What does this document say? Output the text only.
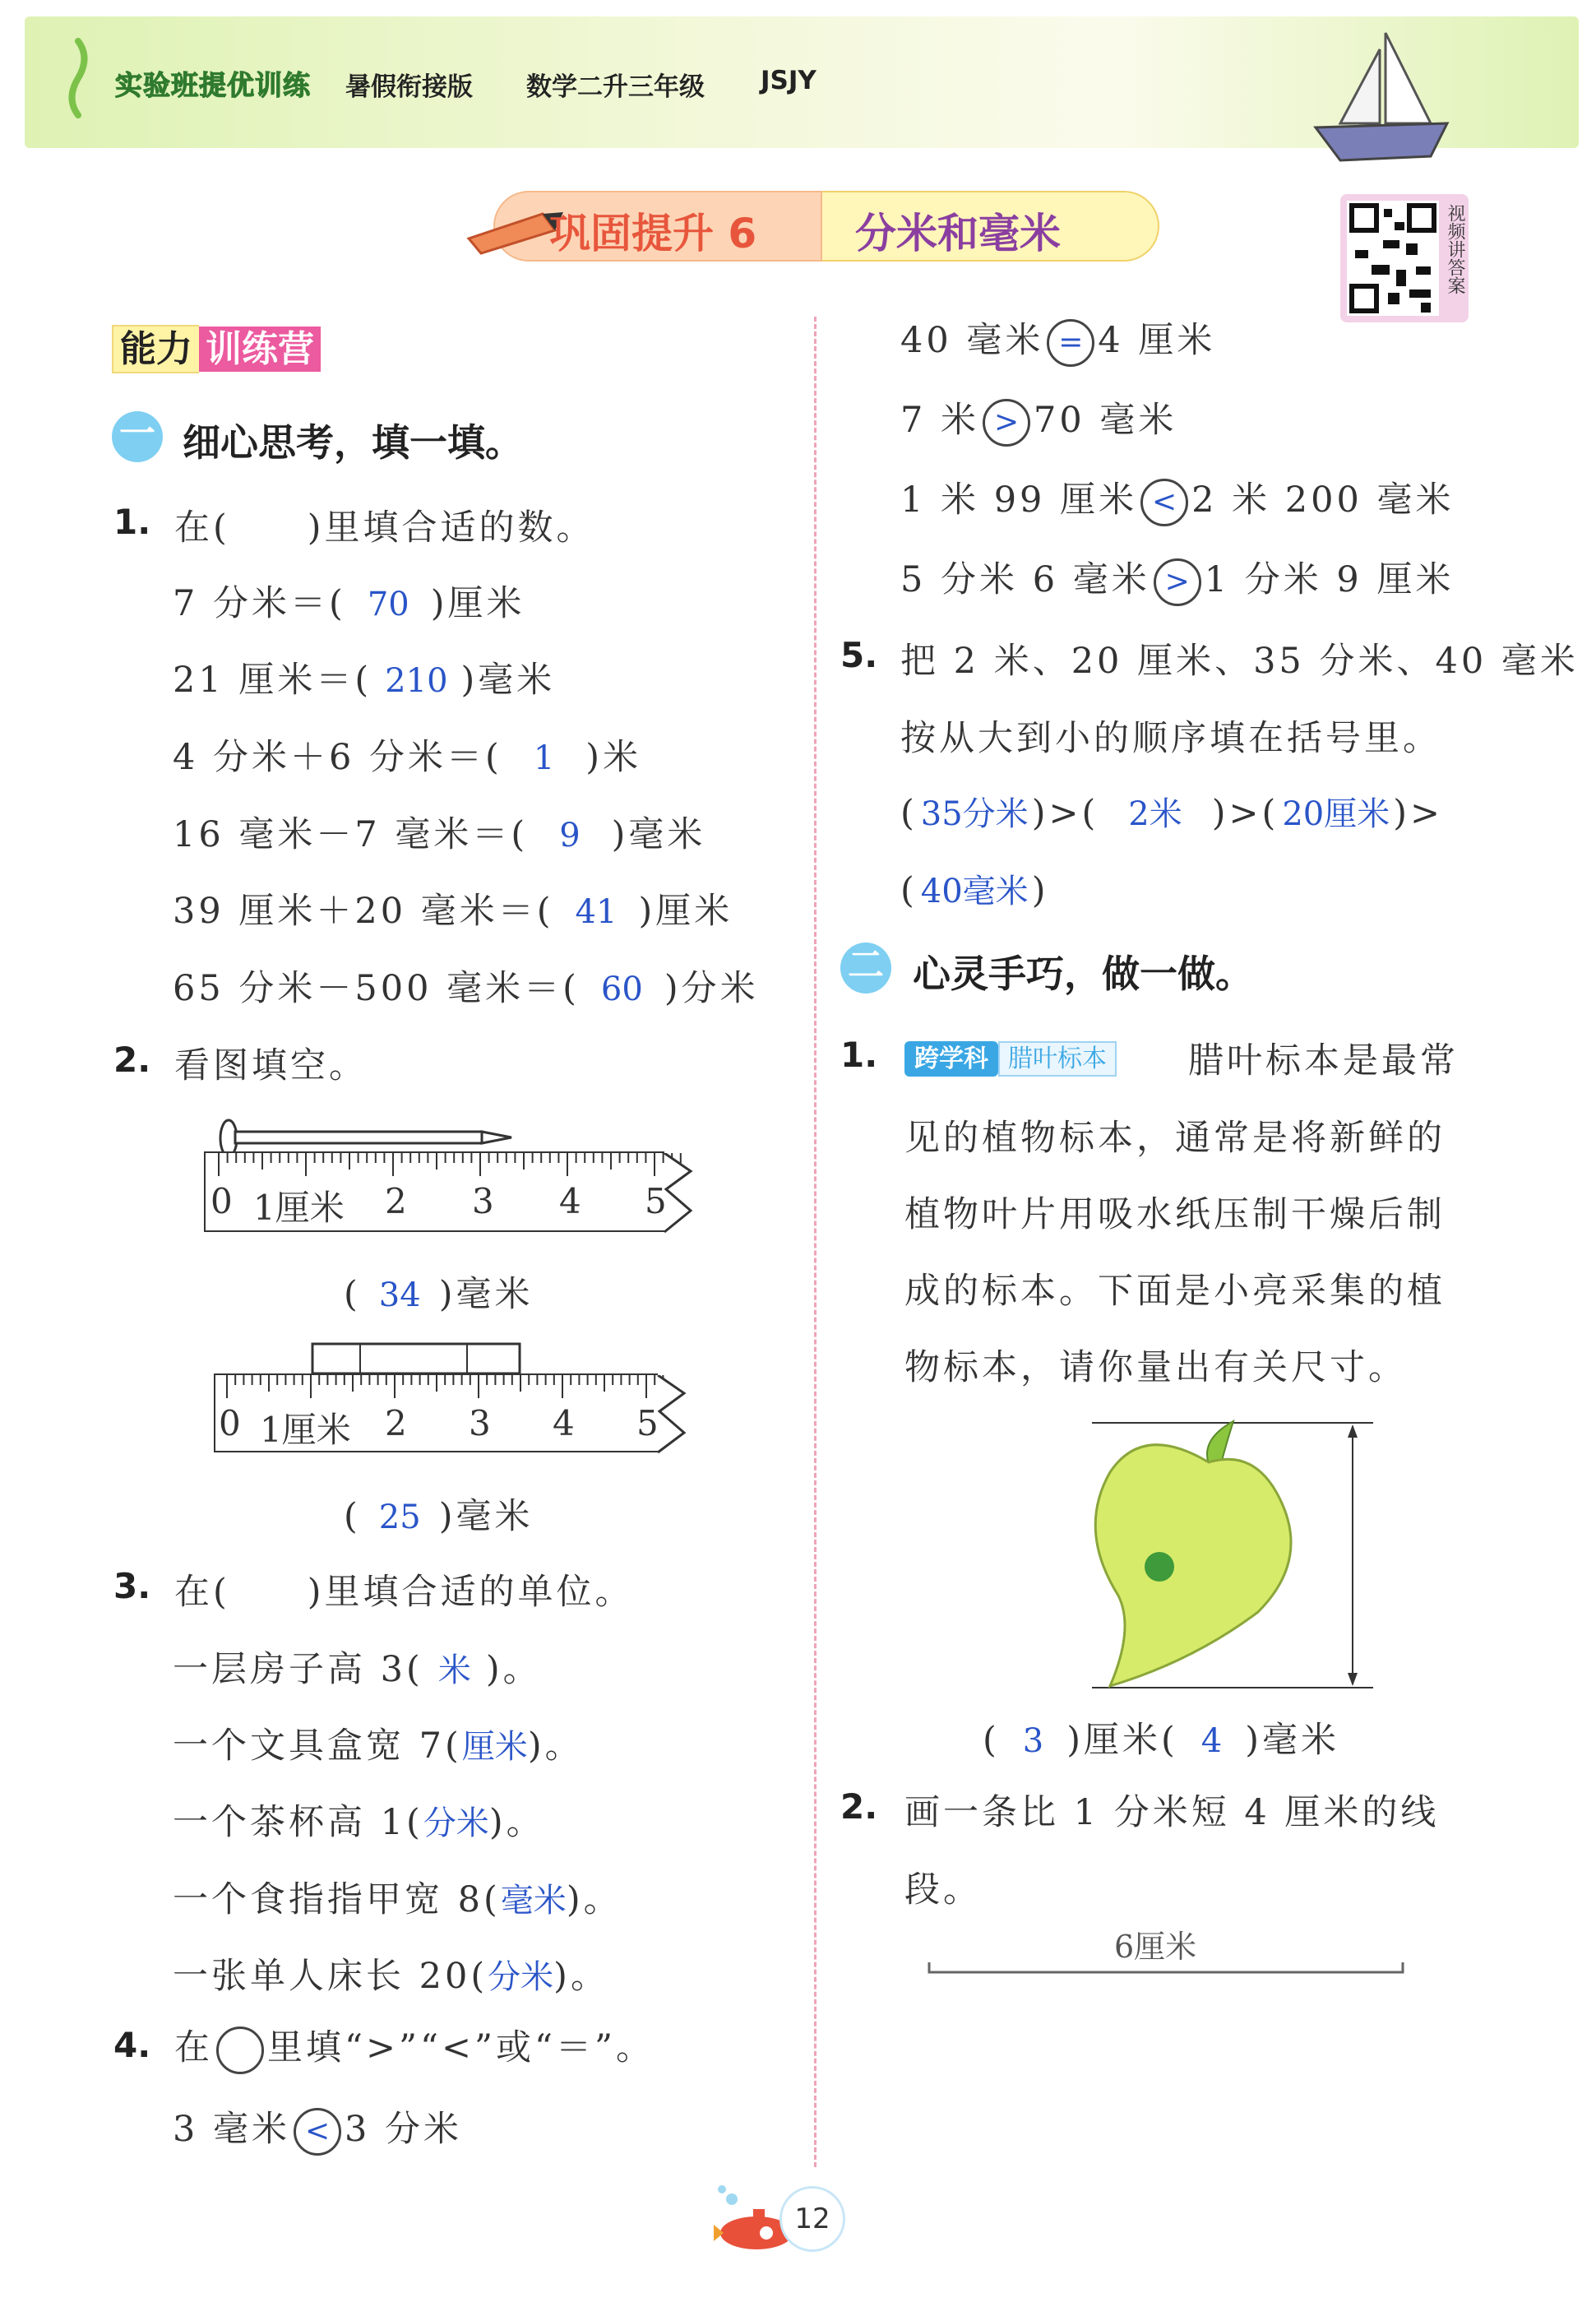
实验班提优训练 暑假衔接版 数学二升三年级 JSJY
巩固提升 6 分米和毫米	视频讲答案
能力 训练营
一 细心思考，填一填。
1. 在(　　)里填合适的数。
7 分米＝( 70 )厘米
21 厘米＝( 210 )毫米
4 分米＋6 分米＝( 1 )米
16 毫米－7 毫米＝( 9 )毫米
39 厘米＋20 毫米＝( 41 )厘米
65 分米－500 毫米＝( 60 )分米
2. 看图填空。
0 1厘米 2 3 4 5
( 34 )毫米
0 1厘米 2 3 4 5
( 25 )毫米
3. 在(　　)里填合适的单位。
一层房子高 3( 米 )。
一个文具盒宽 7(厘米)。
一个茶杯高 1(分米)。
一个食指指甲宽 8(毫米)。
一张单人床长 20(分米)。
4. 在 里填“>”“<”或“＝”。
3 毫米 < 3 分米
40 毫米 = 4 厘米
7 米 > 70 毫米
1 米 99 厘米 < 2 米 200 毫米
5 分米 6 毫米 > 1 分米 9 厘米
5. 把 2 米、20 厘米、35 分米、40 毫米
按从大到小的顺序填在括号里。
( 35分米)>( 2米 )>( 20厘米)>
( 40毫米)
二 心灵手巧，做一做。
1.	跨学科 腊叶标本 腊叶标本是最常
见的植物标本，通常是将新鲜的
植物叶片用吸水纸压制干燥后制
成的标本。下面是小亮采集的植
物标本，请你量出有关尺寸。
( 3 )厘米( 4 )毫米
2. 画一条比 1 分米短 4 厘米的线
段。
6厘米
12
